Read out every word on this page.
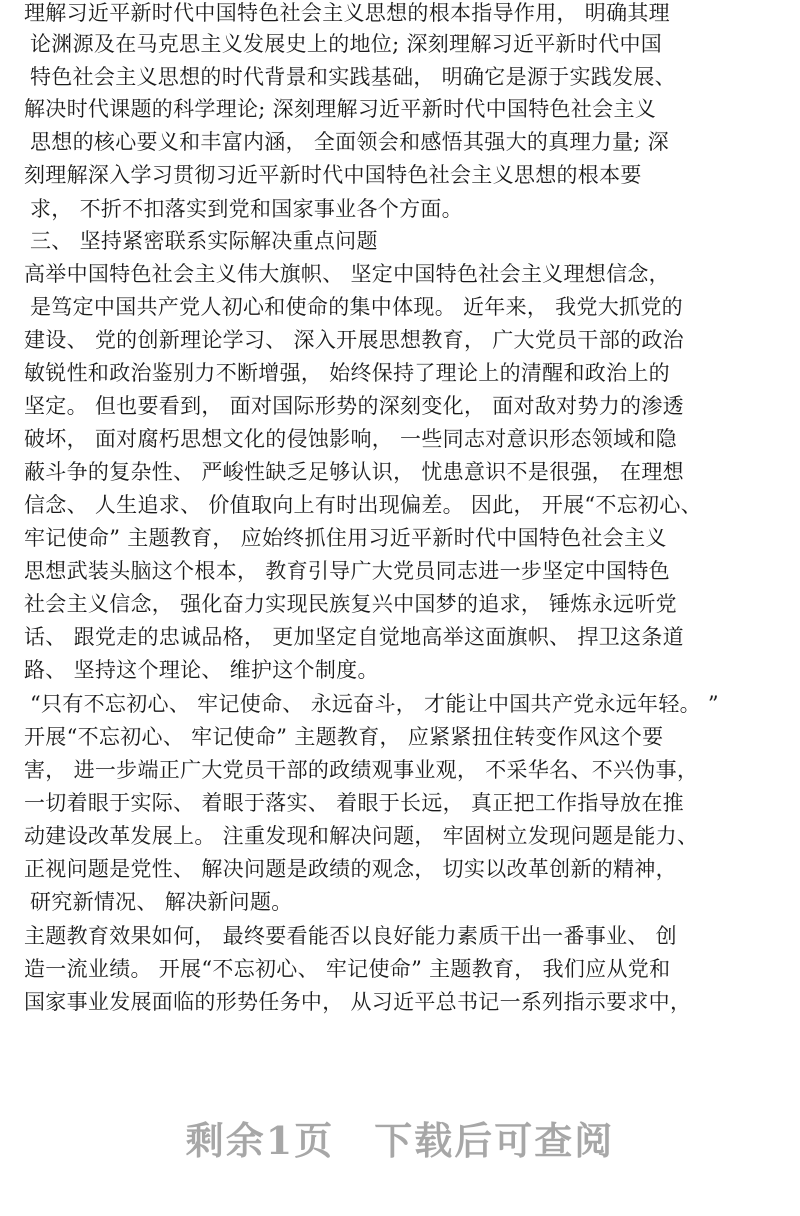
理解习近平新时代中国特色社会主义思想的根本指导作用， 明确其理
论渊源及在马克思主义发展史上的地位; 深刻理解习近平新时代中国
特色社会主义思想的时代背景和实践基础， 明确它是源于实践发展、
解决时代课题的科学理论; 深刻理解习近平新时代中国特色社会主义
思想的核心要义和丰富内涵， 全面领会和感悟其强大的真理力量; 深
刻理解深入学习贯彻习近平新时代中国特色社会主义思想的根本要
求， 不折不扣落实到党和国家事业各个方面。
三、 坚持紧密联系实际解决重点问题
高举中国特色社会主义伟大旗帜、 坚定中国特色社会主义理想信念，
是笃定中国共产党人初心和使命的集中体现。 近年来， 我党大抓党的
建设、 党的创新理论学习、 深入开展思想教育， 广大党员干部的政治
敏锐性和政治鉴别力不断增强， 始终保持了理论上的清醒和政治上的
坚定。 但也要看到， 面对国际形势的深刻变化， 面对敌对势力的渗透
破坏， 面对腐朽思想文化的侵蚀影响， 一些同志对意识形态领域和隐
蔽斗争的复杂性、 严峻性缺乏足够认识， 忧患意识不是很强， 在理想
信念、 人生追求、 价值取向上有时出现偏差。 因此， 开展“不忘初心、
牢记使命” 主题教育， 应始终抓住用习近平新时代中国特色社会主义
思想武装头脑这个根本， 教育引导广大党员同志进一步坚定中国特色
社会主义信念， 强化奋力实现民族复兴中国梦的追求， 锤炼永远听党
话、 跟党走的忠诚品格， 更加坚定自觉地高举这面旗帜、 捍卫这条道
路、 坚持这个理论、 维护这个制度。
“只有不忘初心、 牢记使命、 永远奋斗， 才能让中国共产党永远年轻。 ”
开展“不忘初心、 牢记使命” 主题教育， 应紧紧扭住转变作风这个要
害， 进一步端正广大党员干部的政绩观事业观， 不采华名、不兴伪事，
一切着眼于实际、 着眼于落实、 着眼于长远， 真正把工作指导放在推
动建设改革发展上。 注重发现和解决问题， 牢固树立发现问题是能力、
正视问题是党性、 解决问题是政绩的观念， 切实以改革创新的精神，
研究新情况、 解决新问题。
主题教育效果如何， 最终要看能否以良好能力素质干出一番事业、 创
造一流业绩。 开展“不忘初心、 牢记使命” 主题教育， 我们应从党和
国家事业发展面临的形势任务中， 从习近平总书记一系列指示要求中，
剩余1页 下载后可查阅
